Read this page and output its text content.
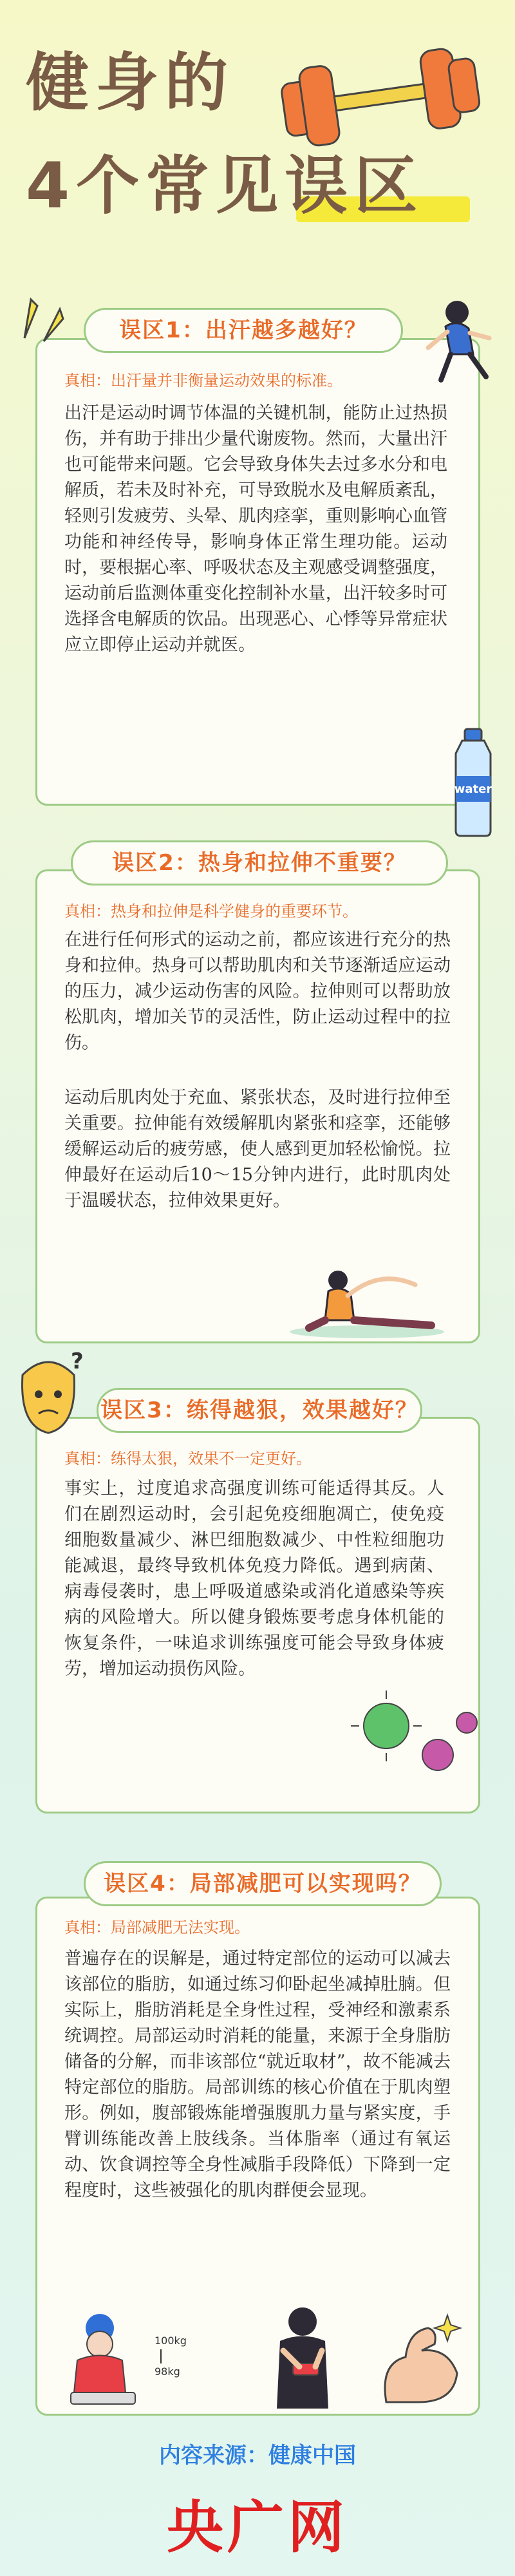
健身的
4个常见误区
误区1：出汗越多越好？
真相：出汗量并非衡量运动效果的标准。
出汗是运动时调节体温的关键机制，能防止过热损伤，并有助于排出少量代谢废物。然而，大量出汗也可能带来问题。它会导致身体失去过多水分和电解质，若未及时补充，可导致脱水及电解质紊乱，轻则引发疲劳、头晕、肌肉痉挛，重则影响心血管功能和神经传导，影响身体正常生理功能。运动时，要根据心率、呼吸状态及主观感受调整强度，运动前后监测体重变化控制补水量，出汗较多时可选择含电解质的饮品。出现恶心、心悸等异常症状应立即停止运动并就医。
water
误区2：热身和拉伸不重要？
真相：热身和拉伸是科学健身的重要环节。
在进行任何形式的运动之前，都应该进行充分的热身和拉伸。热身可以帮助肌肉和关节逐渐适应运动的压力，减少运动伤害的风险。拉伸则可以帮助放松肌肉，增加关节的灵活性，防止运动过程中的拉伤。
运动后肌肉处于充血、紧张状态，及时进行拉伸至关重要。拉伸能有效缓解肌肉紧张和痉挛，还能够缓解运动后的疲劳感，使人感到更加轻松愉悦。拉伸最好在运动后10～15分钟内进行，此时肌肉处于温暖状态，拉伸效果更好。
?
误区3：练得越狠，效果越好？
真相：练得太狠，效果不一定更好。
事实上，过度追求高强度训练可能适得其反。人们在剧烈运动时，会引起免疫细胞凋亡，使免疫细胞数量减少、淋巴细胞数减少、中性粒细胞功能减退，最终导致机体免疫力降低。遇到病菌、病毒侵袭时，患上呼吸道感染或消化道感染等疾病的风险增大。所以健身锻炼要考虑身体机能的恢复条件，一味追求训练强度可能会导致身体疲劳，增加运动损伤风险。
误区4：局部减肥可以实现吗？
真相：局部减肥无法实现。
普遍存在的误解是，通过特定部位的运动可以减去该部位的脂肪，如通过练习仰卧起坐减掉肚腩。但实际上，脂肪消耗是全身性过程，受神经和激素系统调控。局部运动时消耗的能量，来源于全身脂肪储备的分解，而非该部位“就近取材”，故不能减去特定部位的脂肪。局部训练的核心价值在于肌肉塑形。例如，腹部锻炼能增强腹肌力量与紧实度，手臂训练能改善上肢线条。当体脂率（通过有氧运动、饮食调控等全身性减脂手段降低）下降到一定程度时，这些被强化的肌肉群便会显现。
100kg
98kg
内容来源：健康中国
央广网
